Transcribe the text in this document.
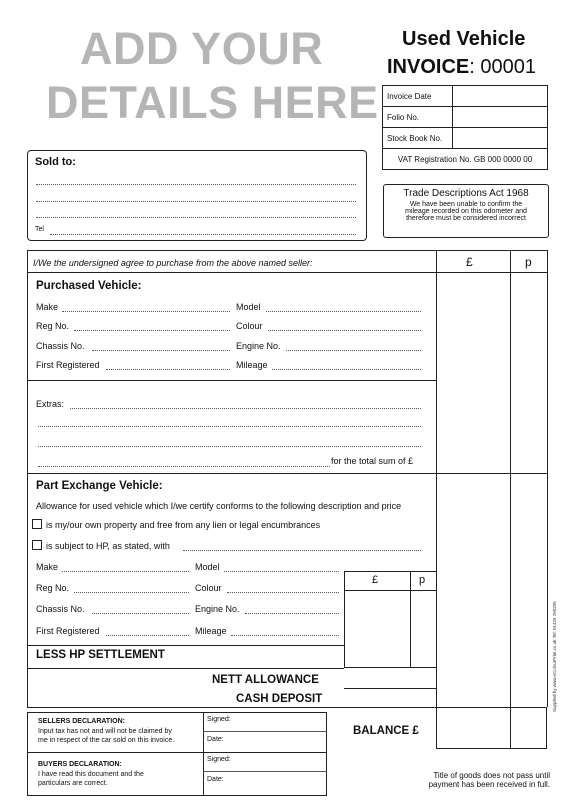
ADD YOUR
DETAILS HERE
Used Vehicle
INVOICE: 00001
Invoice Date	
Folio No.	
Stock Book No.	
VAT Registration No. GB 000 0000 00	
Sold to:
Tel
Trade Descriptions Act 1968
We have been unable to confirm the
mileage recorded on this odometer and
therefore must be considered incorrect
I/We the undersigned agree to purchase from the above named seller:	£	p
Purchased Vehicle:
Make	Model
Reg No.	Colour
Chassis No.	Engine No.
First Registered	Mileage
Extras:
for the total sum of £
Part Exchange Vehicle:
Allowance for used vehicle which I/we certify conforms to the following description and price
is my/our own property and free from any lien or legal encumbrances
is subject to HP, as stated, with
Make	Model
Reg No.	Colour
Chassis No.	Engine No.
First Registered	Mileage
£	p
LESS HP SETTLEMENT
NETT ALLOWANCE
CASH DEPOSIT
BALANCE £
SELLERS DECLARATION:
Input tax has not and will not be claimed by
me in respect of the car sold on this invoice.
Signed:
Date:
BUYERS DECLARATION:
I have read this document and the
particulars are correct.
Signed:
Date:	Title of goods does not pass until
payment has been received in full.
Supplied by www.eColourPrint.co.uk Tel: 01425 760205
